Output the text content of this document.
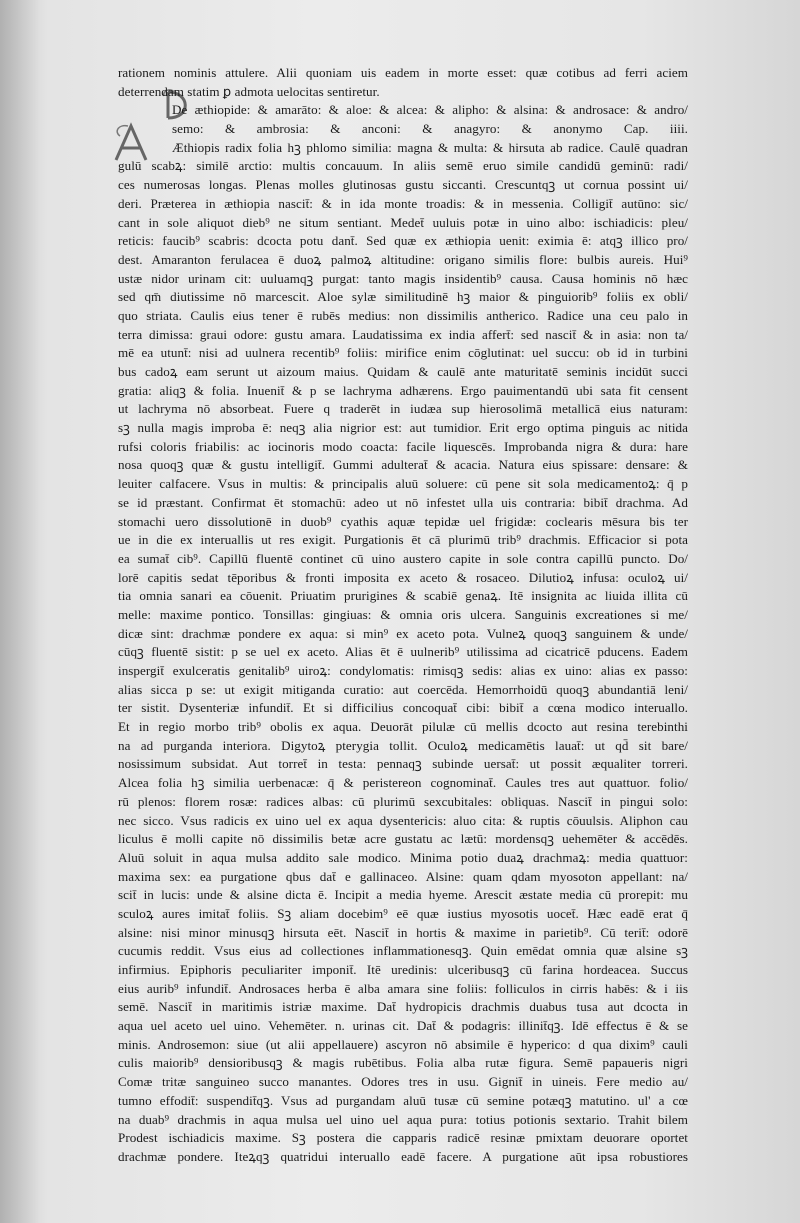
rationem nominis attulere. Alii quoniam uis eadem in morte esset: quæ cotibus ad ferri aciem
deterrendam statim ꝑ admota uelocitas sentiretur.
De æthiopide: & amarāto: & aloe: & alcea: & alipho: & alsina: & androsace: & andro/
semo: & ambrosia: & anconi: & anagyro: & anonymo Cap. iiii.
Æthiopis radix folia hꝫ phlomo similia: magna & multa: & hirsuta ab radice. Caulē quadran
gulū scabꝝ: similē arctio: multis concauum. In aliis semē eruo simile candidū geminū: radi/
ces numerosas longas. Plenas molles glutinosas gustu siccanti. Crescuntqꝫ ut cornua possint ui/
deri. Præterea in æthiopia nascit̄: & in ida monte troadis: & in messenia. Colligit̄ autūno: sic/
cant in sole aliquot dieb⁹ ne situm sentiant. Medet̄ uuluis potæ in uino albo: ischiadicis: pleu/
reticis: faucib⁹ scabris: dcocta potu dant̄. Sed quæ ex æthiopia uenit: eximia ē: atqꝫ illico pro/
dest. Amaranton ferulacea ē duoꝝ palmoꝝ altitudine: origano similis flore: bulbis aureis. Hui⁹
ustæ nidor urinam cit: uuluamqꝫ purgat: tanto magis insidentib⁹ causa. Causa hominis nō hæc
sed qm̄ diutissime nō marcescit. Aloe sylæ similitudinē hꝫ maior & pinguiorib⁹ foliis ex obli/
quo striata. Caulis eius tener ē rubēs medius: non dissimilis antherico. Radice una ceu palo in
terra dimissa: graui odore: gustu amara. Laudatissima ex india affert̄: sed nascit̄ & in asia: non ta/
mē ea utunt̄: nisi ad uulnera recentib⁹ foliis: mirifice enim cōglutinat: uel succu: ob id in turbini
bus cadoꝝ eam serunt ut aizoum maius. Quidam & caulē ante maturitatē seminis incidūt succi
gratia: aliqꝫ & folia. Inuenit̄ & p se lachryma adhærens. Ergo pauimentandū ubi sata fit censent
ut lachryma nō absorbeat. Fuere q traderēt in iudæa sup hierosolimā metallicā eius naturam:
sꝫ nulla magis improba ē: neqꝫ alia nigrior est: aut tumidior. Erit ergo optima pinguis ac nitida
rufsi coloris friabilis: ac iocinoris modo coacta: facile liquescēs. Improbanda nigra & dura: hare
nosa quoqꝫ quæ & gustu intelligit̄. Gummi adulterat̄ & acacia. Natura eius spissare: densare: &
leuiter calfacere. Vsus in multis: & principalis aluū soluere: cū pene sit sola medicamentoꝝ: q̄ p
se id præstant. Confirmat ēt stomachū: adeo ut nō infestet ulla uis contraria: bibit̄ drachma. Ad
stomachi uero dissolutionē in duob⁹ cyathis aquæ tepidæ uel frigidæ: coclearis mēsura bis ter
ue in die ex interuallis ut res exigit. Purgationis ēt cā plurimū trib⁹ drachmis. Efficacior si pota
ea sumat̄ cib⁹. Capillū fluentē continet cū uino austero capite in sole contra capillū puncto. Do/
lorē capitis sedat tēporibus & fronti imposita ex aceto & rosaceo. Dilutioꝝ infusa: oculoꝝ ui/
tia omnia sanari ea cōuenit. Priuatim prurigines & scabiē genaꝝ. Itē insignita ac liuida illita cū
melle: maxime pontico. Tonsillas: gingiuas: & omnia oris ulcera. Sanguinis excreationes si me/
dicæ sint: drachmæ pondere ex aqua: si min⁹ ex aceto pota. Vulneꝝ quoqꝫ sanguinem & unde/
cūqꝫ fluentē sistit: p se uel ex aceto. Alias ēt ē uulnerib⁹ utilissima ad cicatricē pducens. Eadem
inspergit̄ exulceratis genitalib⁹ uiroꝝ: condylomatis: rimisqꝫ sedis: alias ex uino: alias ex passo:
alias sicca p se: ut exigit mitiganda curatio: aut coercēda. Hemorrhoidū quoqꝫ abundantiā leni/
ter sistit. Dysenteriæ infundit̄. Et si difficilius concoquat̄ cibi: bibit̄ a cœna modico interuallo.
Et in regio morbo trib⁹ obolis ex aqua. Deuorāt pilulæ cū mellis dcocto aut resina terebinthi
na ad purganda interiora. Digytoꝝ pterygia tollit. Oculoꝝ medicamētis lauat̄: ut qd̄ sit bare/
nosissimum subsidat. Aut torret̄ in testa: pennaqꝫ subinde uersat̄: ut possit æqualiter torreri.
Alcea folia hꝫ similia uerbenacæ: q̄ & peristereon cognominat̄. Caules tres aut quattuor. folio/
rū plenos: florem rosæ: radices albas: cū plurimū sexcubitales: obliquas. Nascit̄ in pingui solo:
nec sicco. Vsus radicis ex uino uel ex aqua dysentericis: aluo cita: & ruptis cōuulsis. Aliphon cau
liculus ē molli capite nō dissimilis betæ acre gustatu ac lætū: mordensqꝫ uehemēter & accēdēs.
Aluū soluit in aqua mulsa addito sale modico. Minima potio duaꝝ drachmaꝝ: media quattuor:
maxima sex: ea purgatione qbus dat̄ e gallinaceo. Alsine: quam qdam myosoton appellant: na/
scit̄ in lucis: unde & alsine dicta ē. Incipit a media hyeme. Arescit æstate media cū prorepit: mu
sculoꝝ aures imitat̄ foliis. Sꝫ aliam docebim⁹ eē quæ iustius myosotis uocet̄. Hæc eadē erat q̄
alsine: nisi minor minusqꝫ hirsuta eēt. Nascit̄ in hortis & maxime in parietib⁹. Cū terit̄: odorē
cucumis reddit. Vsus eius ad collectiones inflammationesqꝫ. Quin emēdat omnia quæ alsine sꝫ
infirmius. Epiphoris peculiariter imponit̄. Itē uredinis: ulceribusqꝫ cū farina hordeacea. Succus
eius aurib⁹ infundit̄. Androsaces herba ē alba amara sine foliis: folliculos in cirris habēs: & i iis
semē. Nascit̄ in maritimis istriæ maxime. Dat̄ hydropicis drachmis duabus tusa aut dcocta in
aqua uel aceto uel uino. Vehemēter. n. urinas cit. Dat̄ & podagris: illinit̄qꝫ. Idē effectus ē & se
minis. Androsemon: siue (ut alii appellauere) ascyron nō absimile ē hyperico: d qua dixim⁹ cauli
culis maiorib⁹ densioribusqꝫ & magis rubētibus. Folia alba rutæ figura. Semē papaueris nigri
Comæ tritæ sanguineo succo manantes. Odores tres in usu. Gignit̄ in uineis. Fere medio au/
tumno effodit̄: suspendit̄qꝫ. Vsus ad purgandam aluū tusæ cū semine potæqꝫ matutino. ul' a cœ
na duab⁹ drachmis in aqua mulsa uel uino uel aqua pura: totius potionis sextario. Trahit bilem
Prodest ischiadicis maxime. Sꝫ postera die capparis radicē resinæ pmixtam deuorare oportet
drachmæ pondere. Iteꝝqꝫ quatridui interuallo eadē facere. A purgatione aūt ipsa robustiores
